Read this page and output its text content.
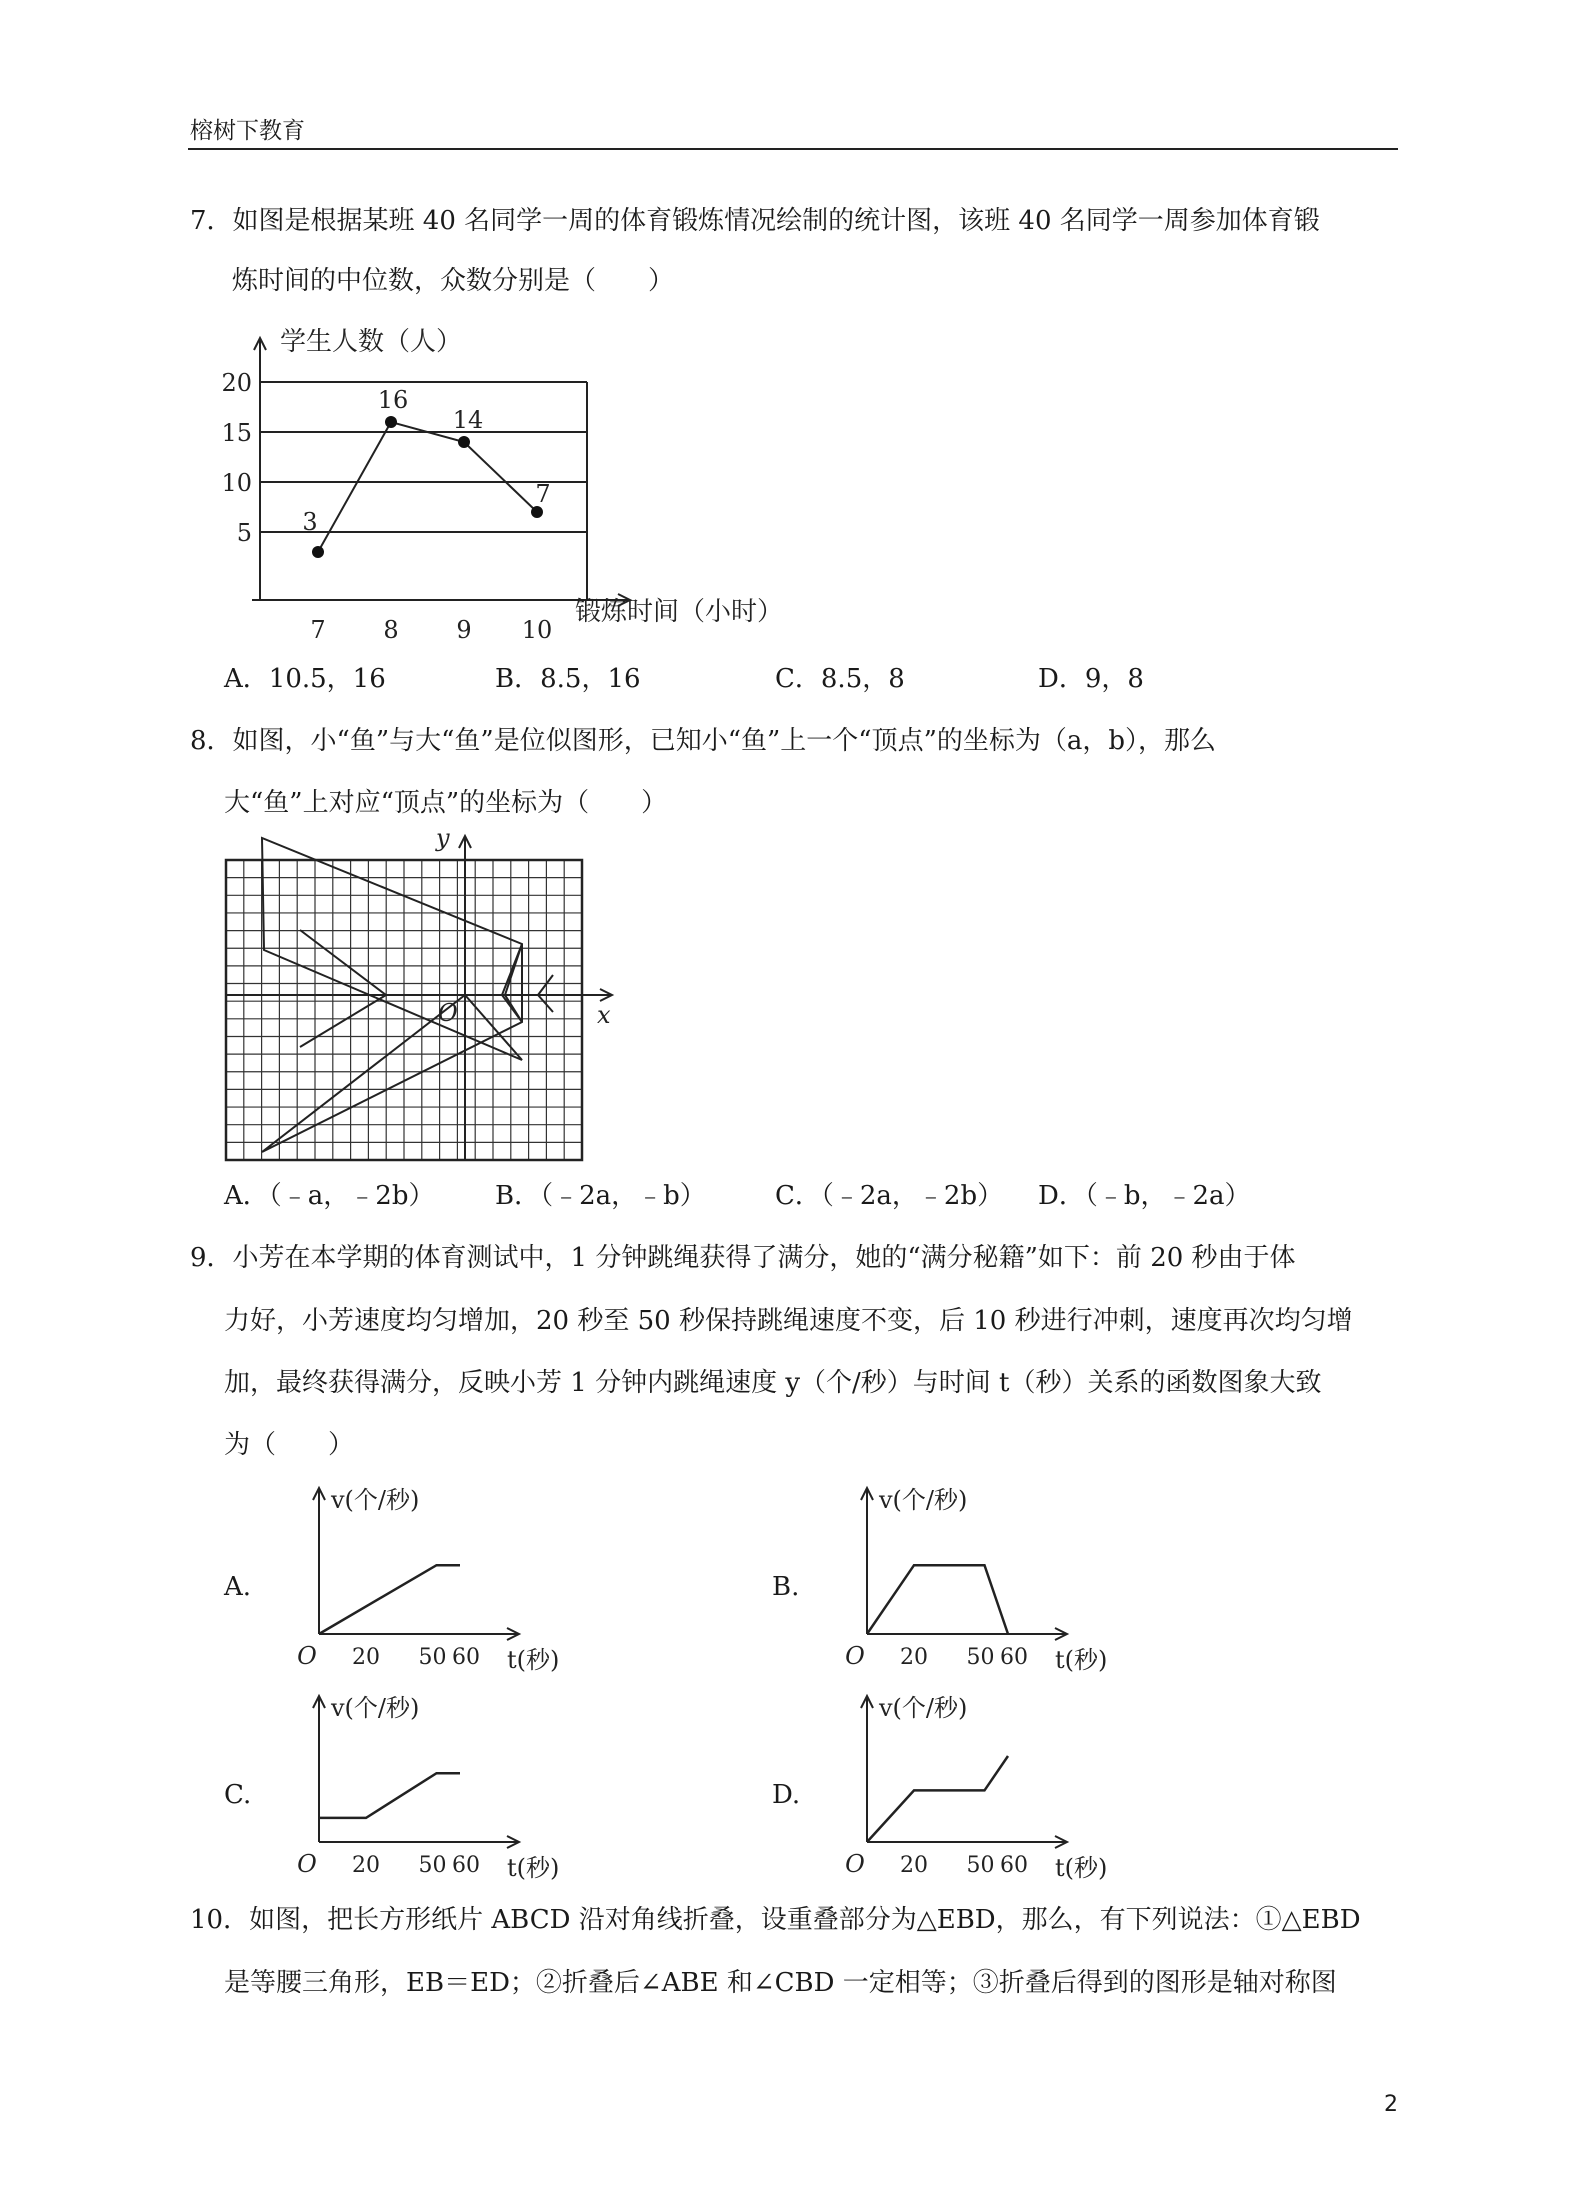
榕树下教育
7．如图是根据某班 40 名同学一周的体育锻炼情况绘制的统计图，该班 40 名同学一周参加体育锻
炼时间的中位数，众数分别是（　　）
学生人数（人）
锻炼时间（小时）
5
10
15
20
7 8 9 10
3
16
14
7
A．10.5，16	B．8.5，16	C．8.5，8	D．9，8
8．如图，小“鱼”与大“鱼”是位似图形，已知小“鱼”上一个“顶点”的坐标为（a，b），那么
大“鱼”上对应“顶点”的坐标为（　　）
y
x
O
A．（﹣a，﹣2b） B．（﹣2a，﹣b）	C．（﹣2a，﹣2b） D．（﹣b，﹣2a）
9．小芳在本学期的体育测试中，1 分钟跳绳获得了满分，她的“满分秘籍”如下：前 20 秒由于体
力好，小芳速度均匀增加，20 秒至 50 秒保持跳绳速度不变，后 10 秒进行冲刺，速度再次均匀增
加，最终获得满分，反映小芳 1 分钟内跳绳速度 y（个/秒）与时间 t（秒）关系的函数图象大致
为（　　）
A.
v(个/秒)
t(秒)
O 20 50 60
B.
v(个/秒)
t(秒)
O 20 50 60
C.
v(个/秒)
t(秒)
O 20 50 60
D.
v(个/秒)
t(秒)
O 20 50 60
10．如图，把长方形纸片 ABCD 沿对角线折叠，设重叠部分为△EBD，那么，有下列说法：①△EBD
是等腰三角形，EB＝ED；②折叠后∠ABE 和∠CBD 一定相等；③折叠后得到的图形是轴对称图
2
